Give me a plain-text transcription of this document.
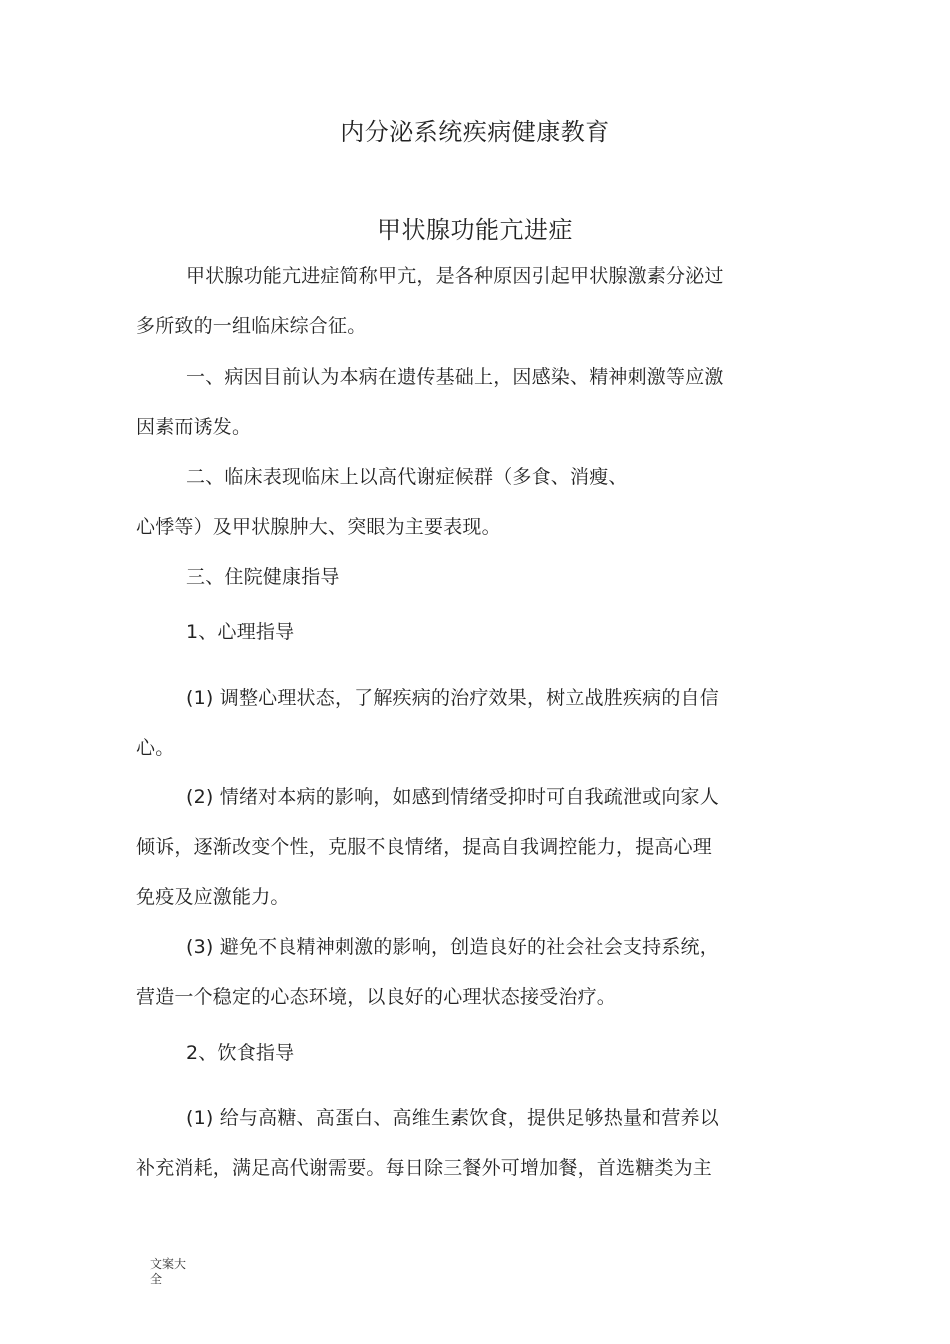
内分泌系统疾病健康教育
甲状腺功能亢进症
甲状腺功能亢进症简称甲亢，是各种原因引起甲状腺激素分泌过
多所致的一组临床综合征。
一、病因目前认为本病在遗传基础上，因感染、精神刺激等应激
因素而诱发。
二、临床表现临床上以高代谢症候群（多食、消瘦、
心悸等）及甲状腺肿大、突眼为主要表现。
三、住院健康指导
1、心理指导
(1) 调整心理状态，了解疾病的治疗效果，树立战胜疾病的自信
心。
(2) 情绪对本病的影响，如感到情绪受抑时可自我疏泄或向家人
倾诉，逐渐改变个性，克服不良情绪，提高自我调控能力，提高心理
免疫及应激能力。
(3) 避免不良精神刺激的影响，创造良好的社会社会支持系统，
营造一个稳定的心态环境，以良好的心理状态接受治疗。
2、饮食指导
(1) 给与高糖、高蛋白、高维生素饮食，提供足够热量和营养以
补充消耗，满足高代谢需要。每日除三餐外可增加餐，首选糖类为主
文案大
全
